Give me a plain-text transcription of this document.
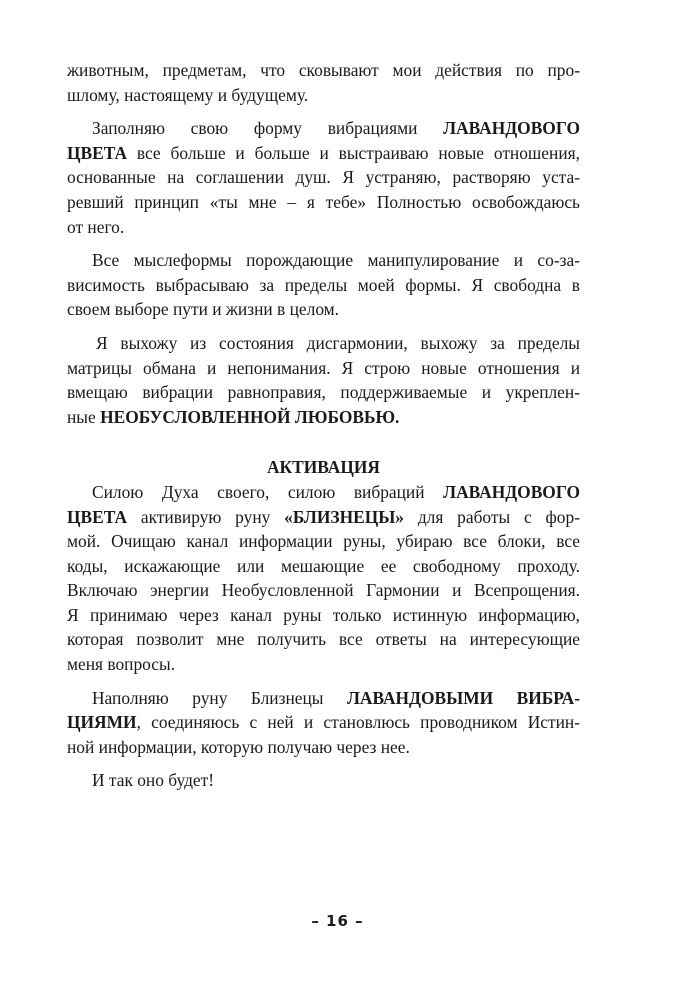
животным, предметам, что сковывают мои действия по про-
шлому, настоящему и будущему.
Заполняю свою форму вибрациями ЛАВАНДОВОГО
ЦВЕТА все больше и больше и выстраиваю новые отношения,
основанные на соглашении душ. Я устраняю, растворяю уста-
ревший принцип «ты мне – я тебе» Полностью освобождаюсь
от него.
Все мыслеформы порождающие манипулирование и со-за-
висимость выбрасываю за пределы моей формы. Я свободна в
своем выборе пути и жизни в целом.
Я выхожу из состояния дисгармонии, выхожу за пределы
матрицы обмана и непонимания. Я строю новые отношения и
вмещаю вибрации равноправия, поддерживаемые и укреплен-
ные НЕОБУСЛОВЛЕННОЙ ЛЮБОВЬЮ.
АКТИВАЦИЯ
Силою Духа своего, силою вибраций ЛАВАНДОВОГО
ЦВЕТА активирую руну «БЛИЗНЕЦЫ» для работы с фор-
мой. Очищаю канал информации руны, убираю все блоки, все
коды, искажающие или мешающие ее свободному проходу.
Включаю энергии Необусловленной Гармонии и Всепрощения.
Я принимаю через канал руны только истинную информацию,
которая позволит мне получить все ответы на интересующие
меня вопросы.
Наполняю руну Близнецы ЛАВАНДОВЫМИ ВИБРА-
ЦИЯМИ, соединяюсь с ней и становлюсь проводником Истин-
ной информации, которую получаю через нее.
И так оно будет!
– 16 –
